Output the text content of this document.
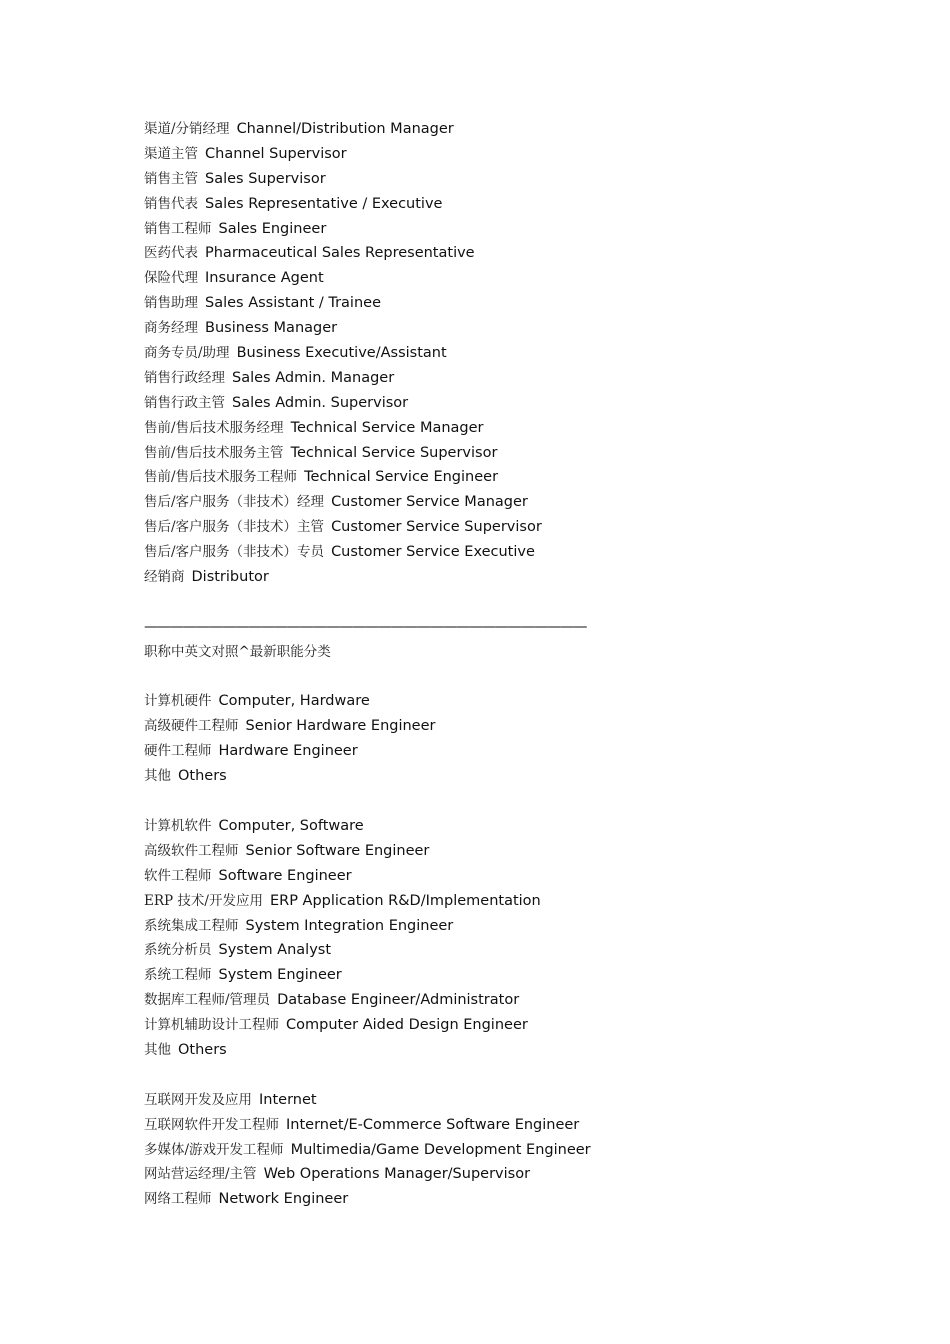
渠道/分销经理 Channel/Distribution Manager
渠道主管 Channel Supervisor
销售主管 Sales Supervisor
销售代表 Sales Representative / Executive
销售工程师 Sales Engineer
医药代表 Pharmaceutical Sales Representative
保险代理 Insurance Agent
销售助理 Sales Assistant / Trainee
商务经理 Business Manager
商务专员/助理 Business Executive/Assistant
销售行政经理 Sales Admin. Manager
销售行政主管 Sales Admin. Supervisor
售前/售后技术服务经理 Technical Service Manager
售前/售后技术服务主管 Technical Service Supervisor
售前/售后技术服务工程师 Technical Service Engineer
售后/客户服务（非技术）经理 Customer Service Manager
售后/客户服务（非技术）主管 Customer Service Supervisor
售后/客户服务（非技术）专员 Customer Service Executive
经销商 Distributor
——————————————————————————————————
职称中英文对照^最新职能分类
计算机硬件 Computer, Hardware
高级硬件工程师 Senior Hardware Engineer
硬件工程师 Hardware Engineer
其他 Others
计算机软件 Computer, Software
高级软件工程师 Senior Software Engineer
软件工程师 Software Engineer
ERP 技术/开发应用 ERP Application R&D/Implementation
系统集成工程师 System Integration Engineer
系统分析员 System Analyst
系统工程师 System Engineer
数据库工程师/管理员 Database Engineer/Administrator
计算机辅助设计工程师 Computer Aided Design Engineer
其他 Others
互联网开发及应用 Internet
互联网软件开发工程师 Internet/E-Commerce Software Engineer
多媒体/游戏开发工程师 Multimedia/Game Development Engineer
网站营运经理/主管 Web Operations Manager/Supervisor
网络工程师 Network Engineer
